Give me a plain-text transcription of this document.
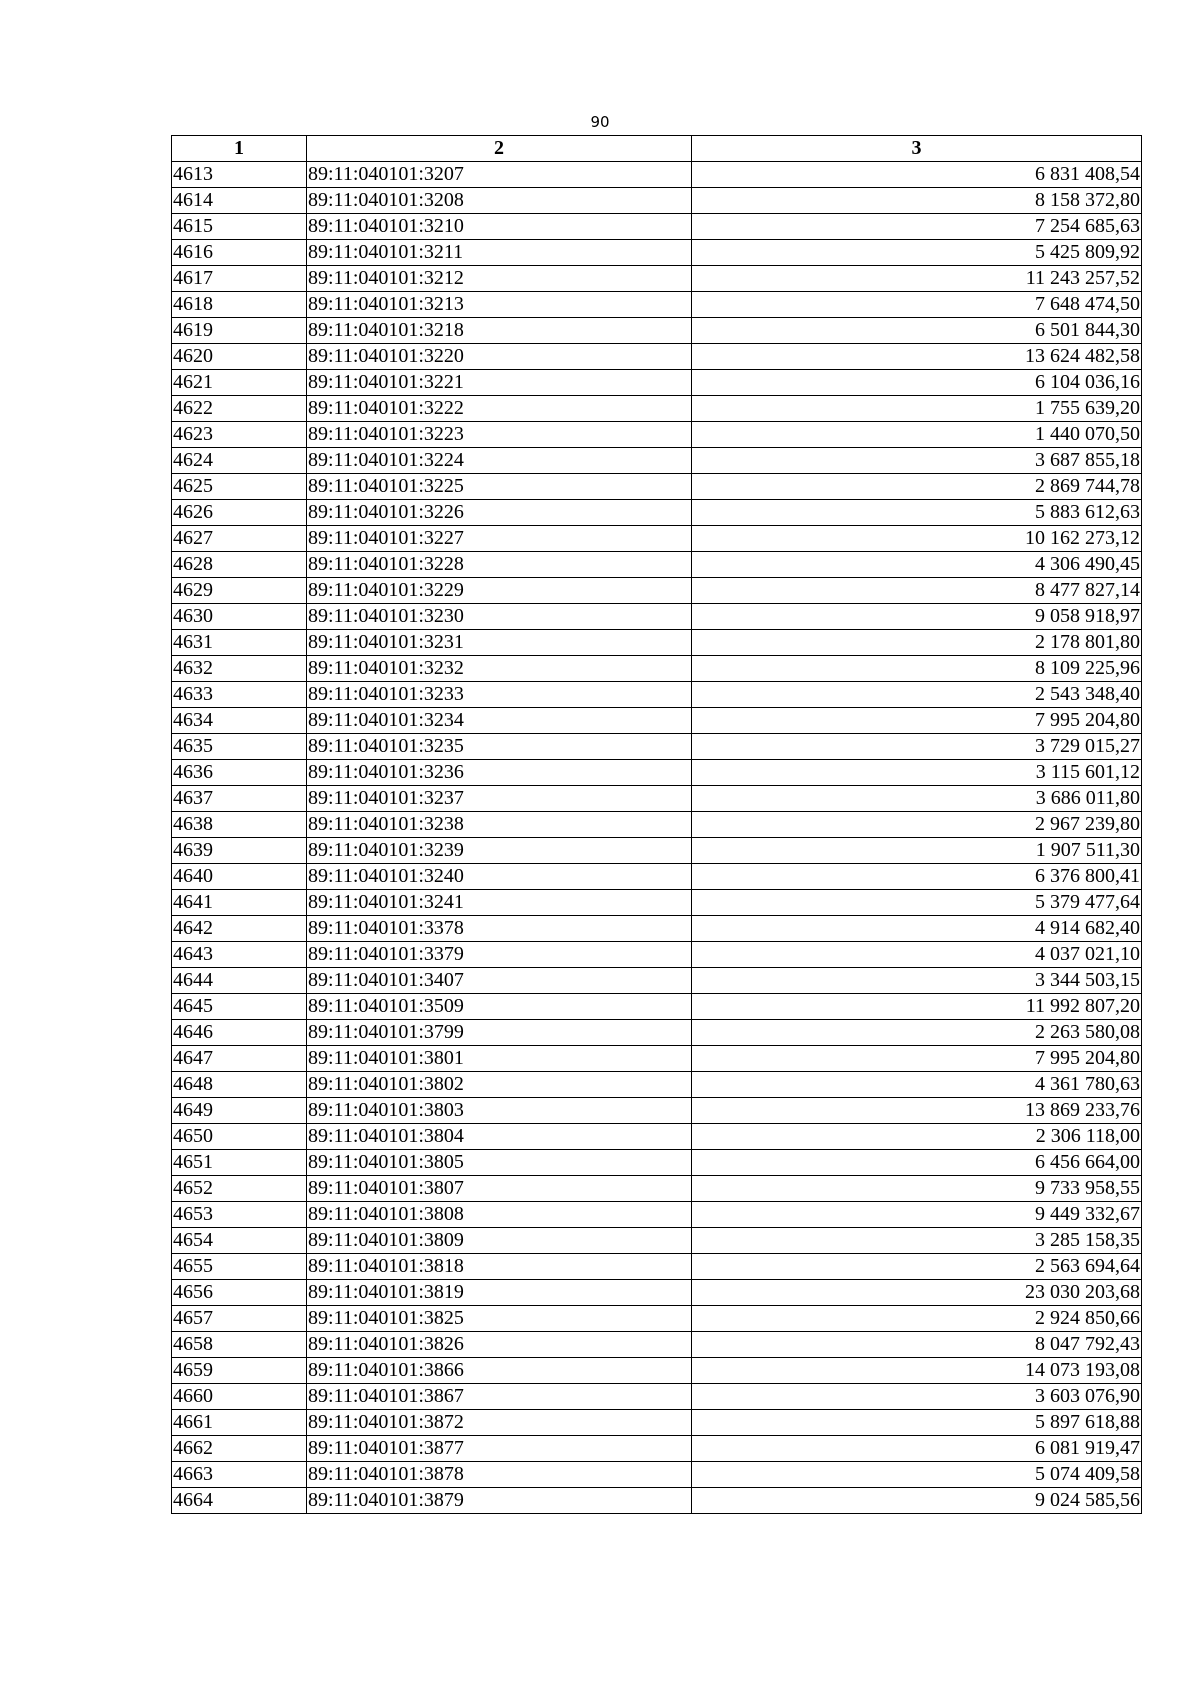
90
1	2	3
4613	89:11:040101:3207	6 831 408,54
4614	89:11:040101:3208	8 158 372,80
4615	89:11:040101:3210	7 254 685,63
4616	89:11:040101:3211	5 425 809,92
4617	89:11:040101:3212	11 243 257,52
4618	89:11:040101:3213	7 648 474,50
4619	89:11:040101:3218	6 501 844,30
4620	89:11:040101:3220	13 624 482,58
4621	89:11:040101:3221	6 104 036,16
4622	89:11:040101:3222	1 755 639,20
4623	89:11:040101:3223	1 440 070,50
4624	89:11:040101:3224	3 687 855,18
4625	89:11:040101:3225	2 869 744,78
4626	89:11:040101:3226	5 883 612,63
4627	89:11:040101:3227	10 162 273,12
4628	89:11:040101:3228	4 306 490,45
4629	89:11:040101:3229	8 477 827,14
4630	89:11:040101:3230	9 058 918,97
4631	89:11:040101:3231	2 178 801,80
4632	89:11:040101:3232	8 109 225,96
4633	89:11:040101:3233	2 543 348,40
4634	89:11:040101:3234	7 995 204,80
4635	89:11:040101:3235	3 729 015,27
4636	89:11:040101:3236	3 115 601,12
4637	89:11:040101:3237	3 686 011,80
4638	89:11:040101:3238	2 967 239,80
4639	89:11:040101:3239	1 907 511,30
4640	89:11:040101:3240	6 376 800,41
4641	89:11:040101:3241	5 379 477,64
4642	89:11:040101:3378	4 914 682,40
4643	89:11:040101:3379	4 037 021,10
4644	89:11:040101:3407	3 344 503,15
4645	89:11:040101:3509	11 992 807,20
4646	89:11:040101:3799	2 263 580,08
4647	89:11:040101:3801	7 995 204,80
4648	89:11:040101:3802	4 361 780,63
4649	89:11:040101:3803	13 869 233,76
4650	89:11:040101:3804	2 306 118,00
4651	89:11:040101:3805	6 456 664,00
4652	89:11:040101:3807	9 733 958,55
4653	89:11:040101:3808	9 449 332,67
4654	89:11:040101:3809	3 285 158,35
4655	89:11:040101:3818	2 563 694,64
4656	89:11:040101:3819	23 030 203,68
4657	89:11:040101:3825	2 924 850,66
4658	89:11:040101:3826	8 047 792,43
4659	89:11:040101:3866	14 073 193,08
4660	89:11:040101:3867	3 603 076,90
4661	89:11:040101:3872	5 897 618,88
4662	89:11:040101:3877	6 081 919,47
4663	89:11:040101:3878	5 074 409,58
4664	89:11:040101:3879	9 024 585,56
